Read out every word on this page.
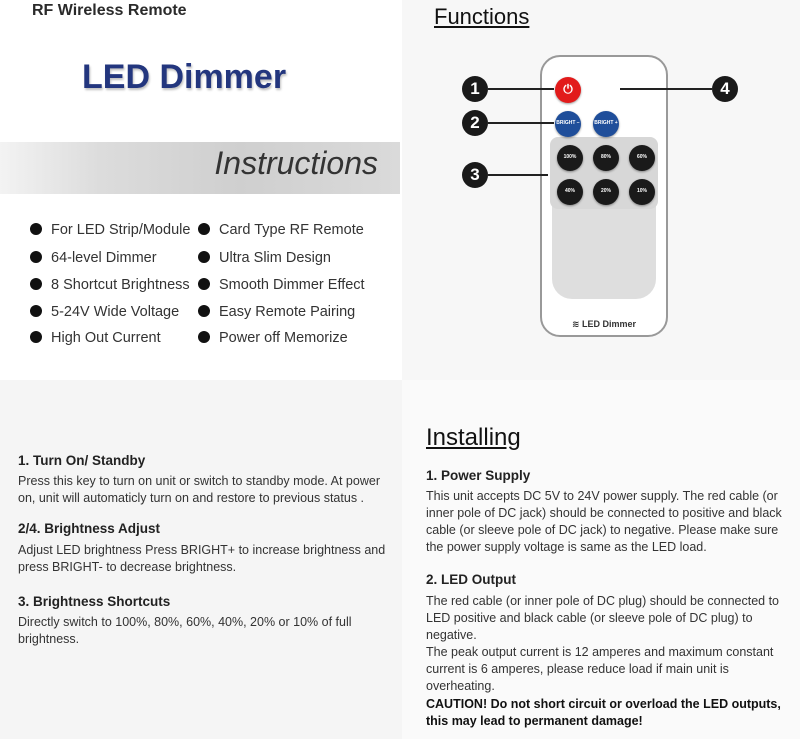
RF Wireless Remote
LED Dimmer
Instructions
For LED Strip/Module	Card Type RF Remote
64-level Dimmer	Ultra Slim Design
8 Shortcut Brightness	Smooth Dimmer Effect
5-24V Wide Voltage	Easy Remote Pairing
High Out Current	Power off Memorize
Functions
⏻
BRIGHT −	BRIGHT +
100%	80%	60%
40%	20%	10%
≋ LED Dimmer
1
2
3
4
1. Turn On/ Standby
Press this key to turn on unit or switch to standby mode. At power on, unit will automaticly turn on and restore to previous status .
2/4. Brightness Adjust
Adjust LED brightness Press BRIGHT+ to increase brightness and press BRIGHT- to decrease brightness.
3. Brightness Shortcuts
Directly switch to 100%, 80%, 60%, 40%, 20% or 10% of full brightness.
Installing
1. Power Supply
This unit accepts DC 5V to 24V power supply. The red cable (or inner pole of DC jack) should be connected to positive and black cable (or sleeve pole of DC jack) to negative. Please make sure the power supply voltage is same as the LED load.
2. LED Output
The red cable (or inner pole of DC plug) should be connected to LED positive and black cable (or sleeve pole of DC plug) to negative.
The peak output current is 12 amperes and maximum constant current is 6 amperes, please reduce load if main unit is overheating.
CAUTION! Do not short circuit or overload the LED outputs, this may lead to permanent damage!
